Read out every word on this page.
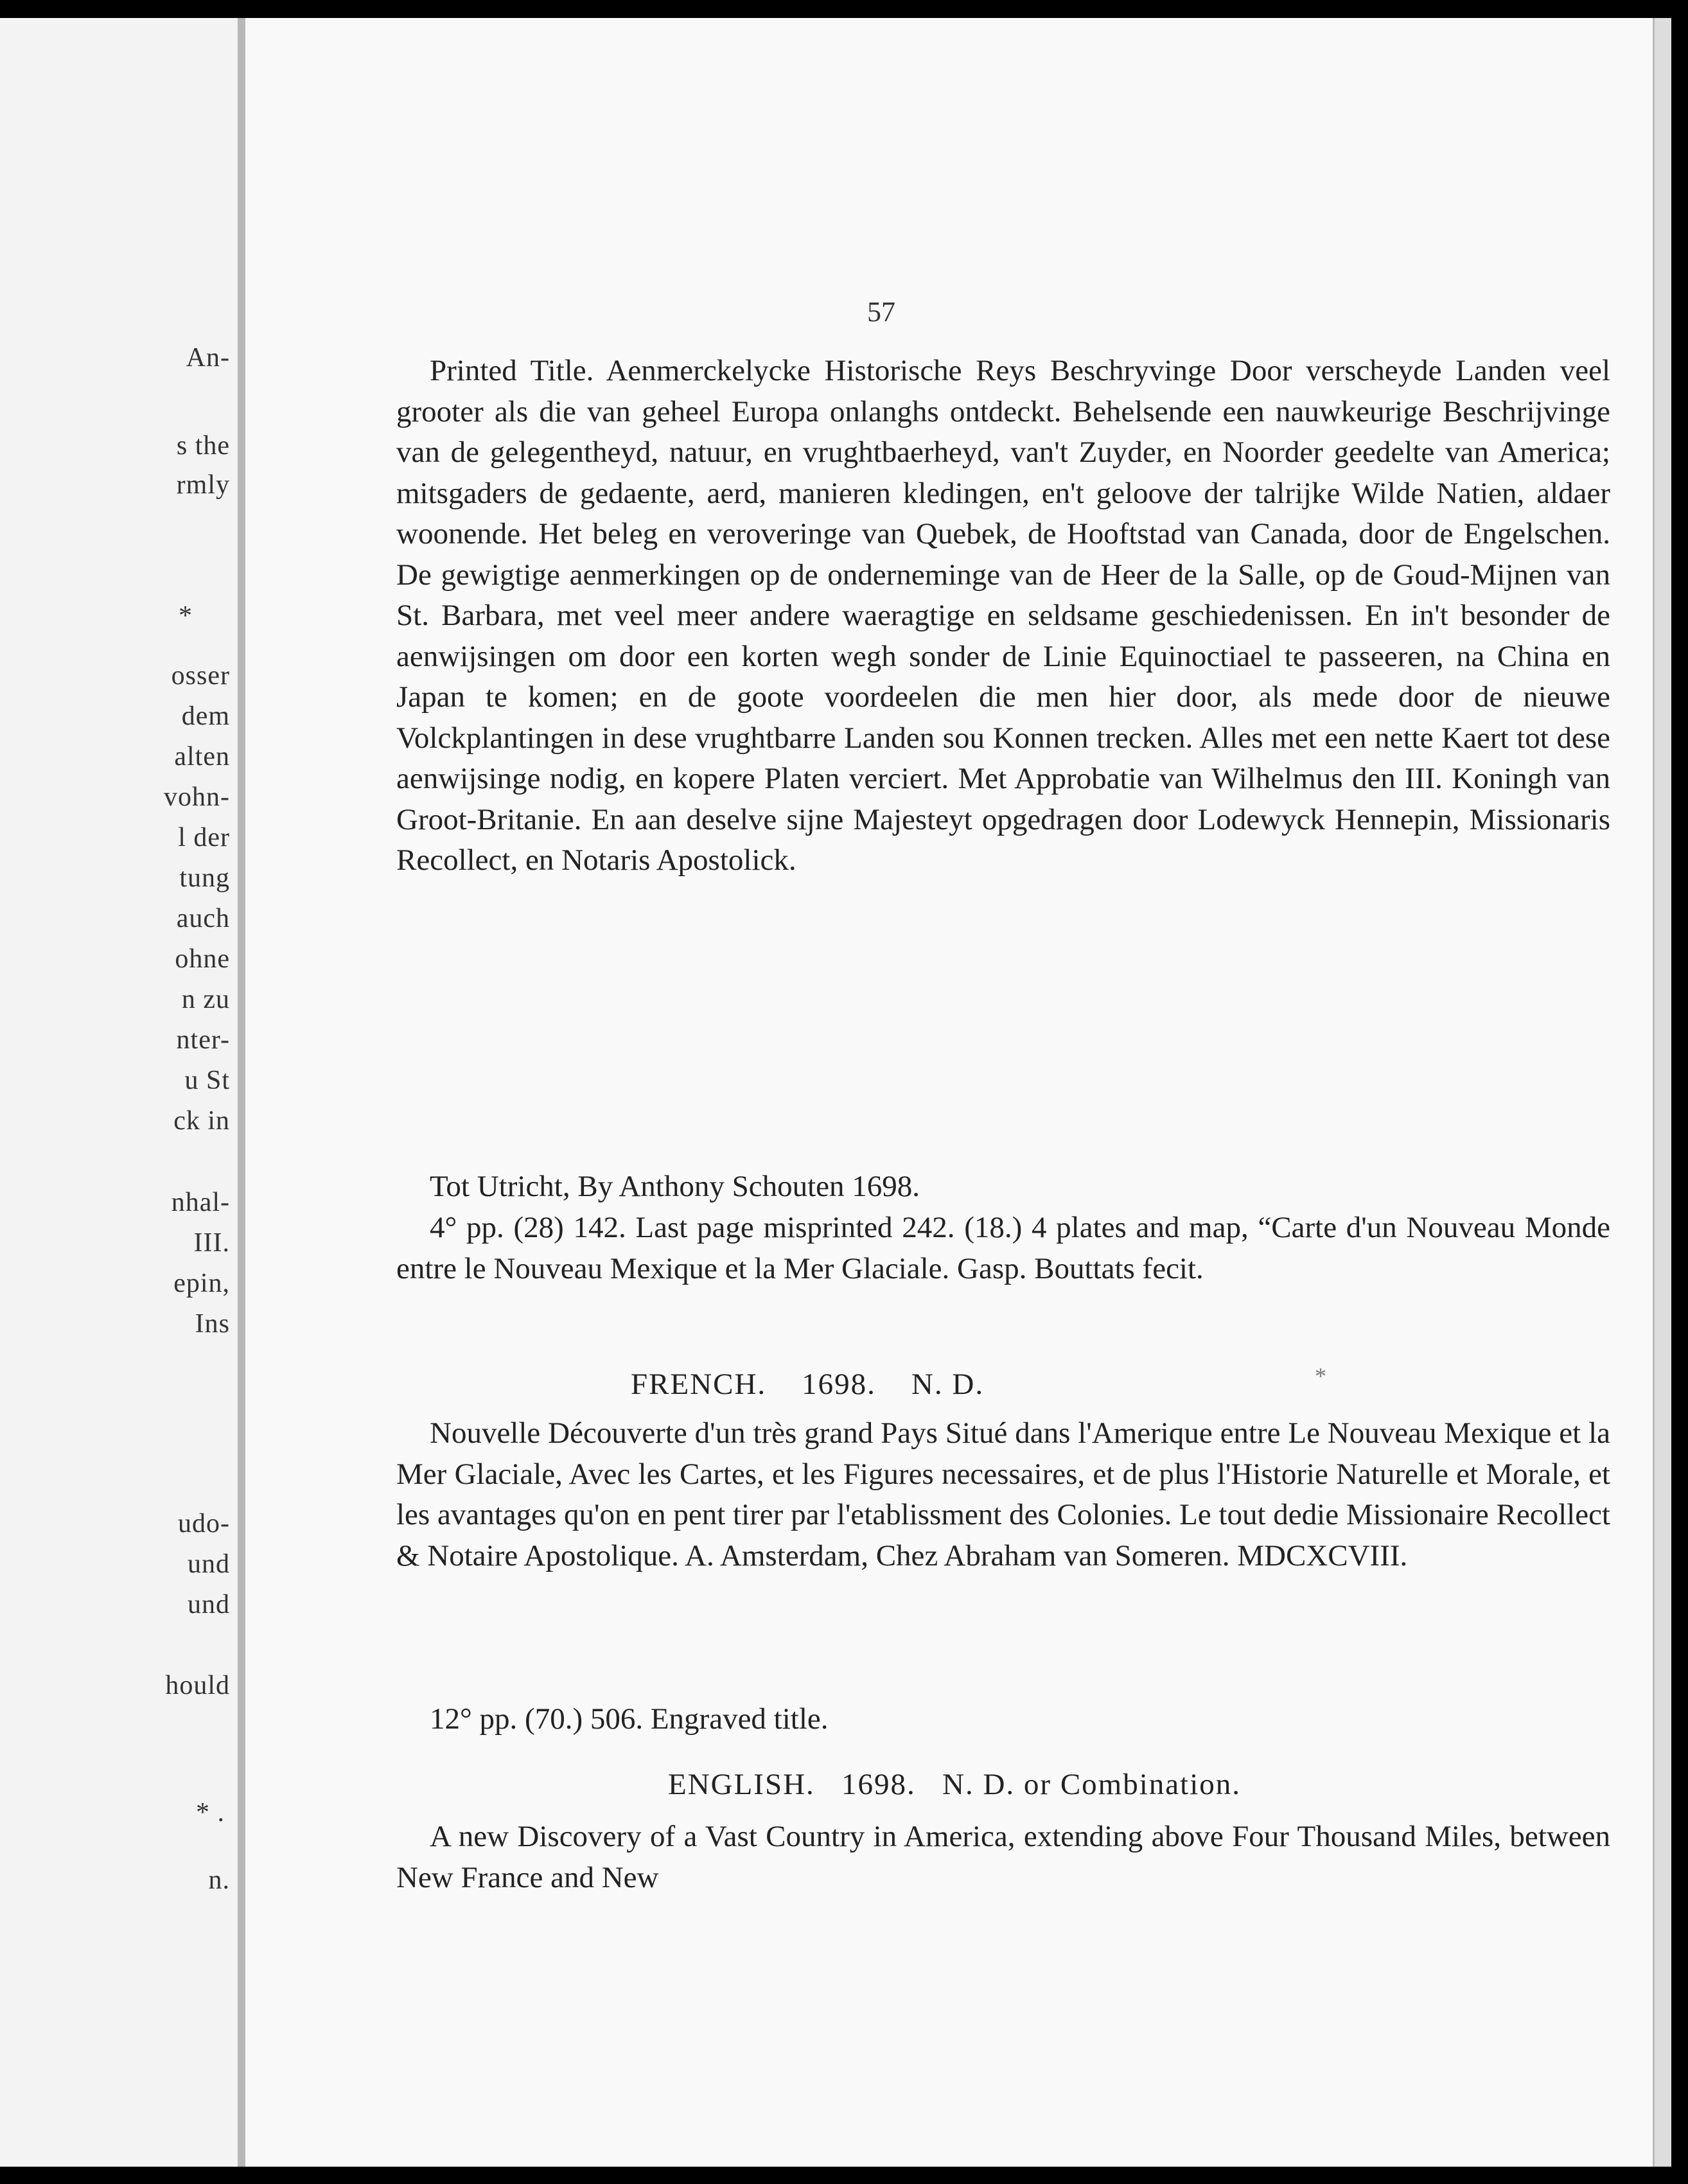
An-
s the
rmly
*
osser
dem
alten
vohn-
l der
tung
auch
ohne
n zu
nter-
u St
ck in
nhal-
III.
epin,
Ins
udo-
und
und
hould
* .
n.
57
Printed Title. Aenmerckelycke Historische Reys Beschryvinge Door verscheyde Landen veel grooter als die van geheel Europa onlanghs ontdeckt. Behelsende een nauwkeurige Beschrijvinge van de gelegentheyd, natuur, en vrughtbaerheyd, van't Zuyder, en Noorder geedelte van America; mitsgaders de gedaente, aerd, manieren kledingen, en't geloove der talrijke Wilde Natien, aldaer woonende. Het beleg en veroveringe van Quebek, de Hooftstad van Canada, door de Engelschen. De gewigtige aenmerkingen op de onderneminge van de Heer de la Salle, op de Goud-Mijnen van St. Barbara, met veel meer andere waeragtige en seldsame geschiedenissen. En in't besonder de aenwijsingen om door een korten wegh sonder de Linie Equinoctiael te passeeren, na China en Japan te komen; en de goote voordeelen die men hier door, als mede door de nieuwe Volckplantingen in dese vrughtbarre Landen sou Konnen trecken. Alles met een nette Kaert tot dese aenwijsinge nodig, en kopere Platen verciert. Met Approbatie van Wilhelmus den III. Koningh van Groot-Britanie. En aan deselve sijne Majesteyt opgedragen door Lodewyck Hennepin, Missionaris Recollect, en Notaris Apostolick.
Tot Utricht, By Anthony Schouten 1698.
4° pp. (28) 142. Last page misprinted 242. (18.) 4 plates and map, “Carte d'un Nouveau Monde entre le Nouveau Mexique et la Mer Glaciale. Gasp. Bouttats fecit.
FRENCH.    1698.    N. D.	*
Nouvelle Découverte d'un très grand Pays Situé dans l'Amerique entre Le Nouveau Mexique et la Mer Glaciale, Avec les Cartes, et les Figures necessaires, et de plus l'Historie Naturelle et Morale, et les avantages qu'on en pent tirer par l'etablissment des Colonies. Le tout dedie Missionaire Recollect & Notaire Apostolique. A. Amsterdam, Chez Abraham van Someren. MDCXCVIII.
12° pp. (70.) 506. Engraved title.
ENGLISH.   1698.   N. D. or Combination.
A new Discovery of a Vast Country in America, extending above Four Thousand Miles, between New France and New
